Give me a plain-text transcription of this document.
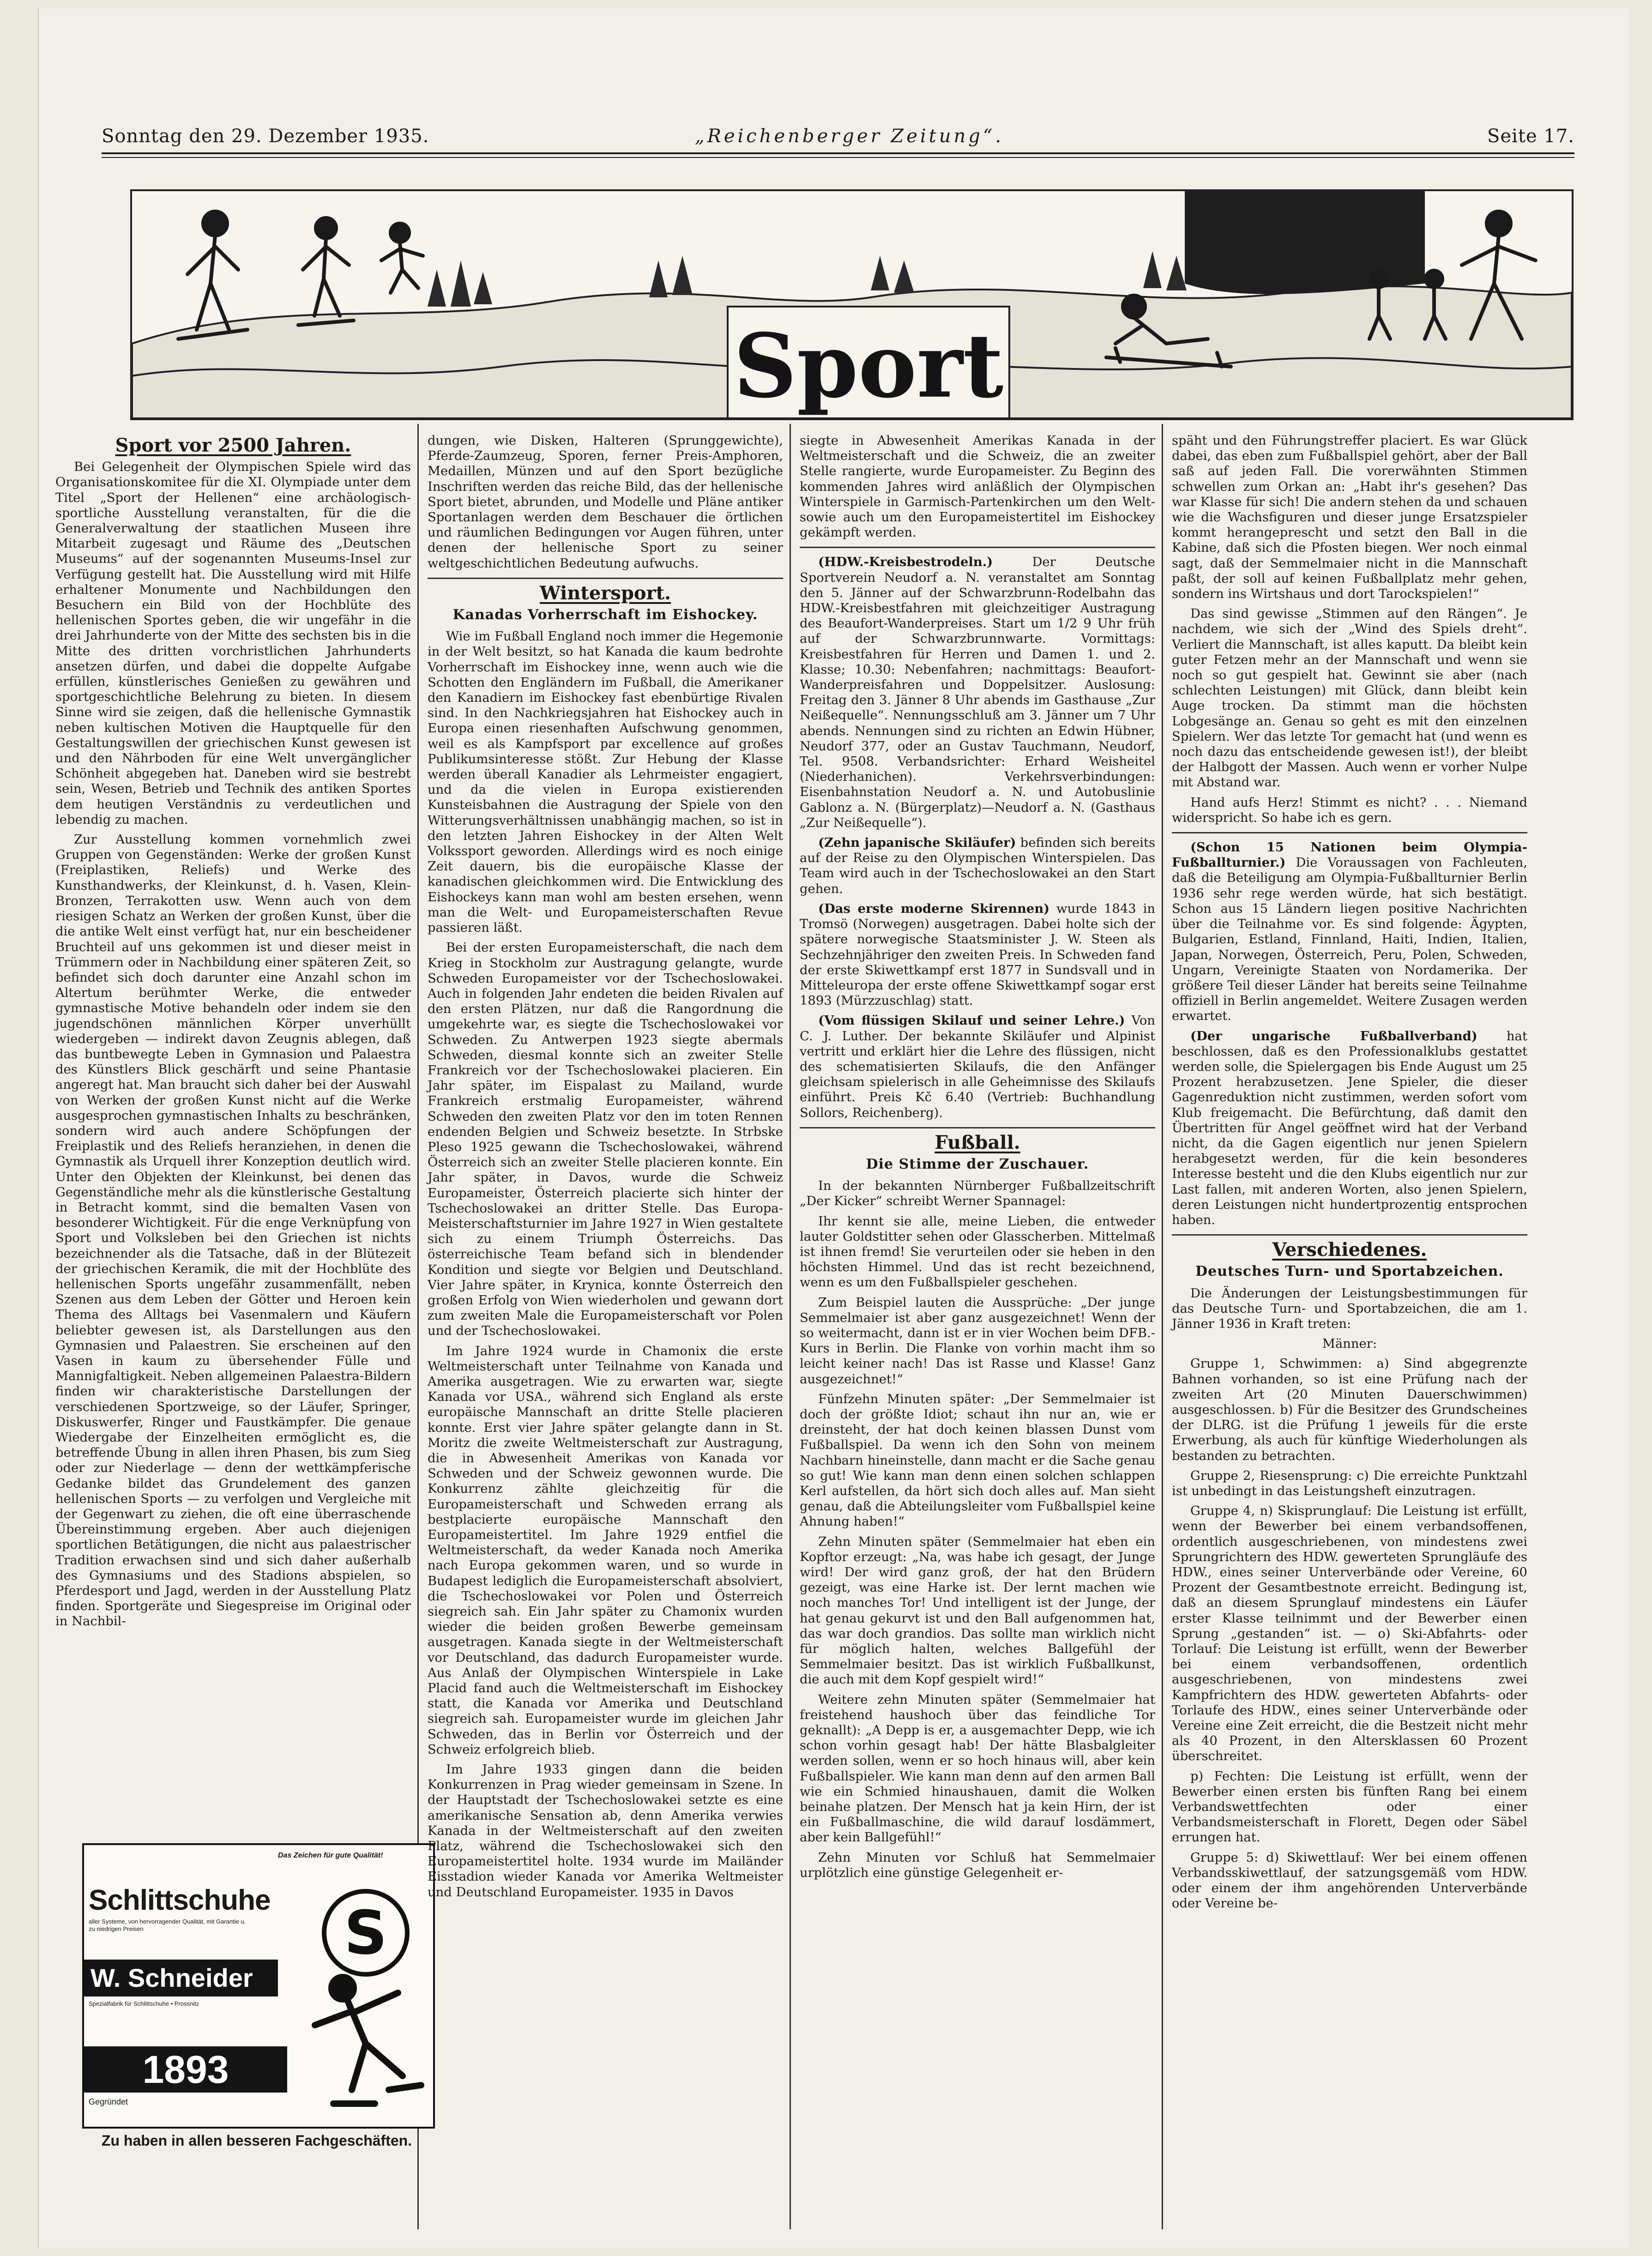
Sonntag den 29. Dezember 1935.	„Reichenberger Zeitung“.	Seite 17.
Sport
Sport vor 2500 Jahren.

Bei Gelegenheit der Olympischen Spiele wird das Organisationskomitee für die XI. Olympiade unter dem Titel „Sport der Hellenen“ eine archäologisch-sportliche Ausstellung veranstalten, für die die Generalverwaltung der staatlichen Museen ihre Mitarbeit zugesagt und Räume des „Deutschen Museums“ auf der sogenannten Museums-Insel zur Verfügung gestellt hat. Die Ausstellung wird mit Hilfe erhaltener Monumente und Nachbildungen den Besuchern ein Bild von der Hochblüte des hellenischen Sportes geben, die wir ungefähr in die drei Jahrhunderte von der Mitte des sechsten bis in die Mitte des dritten vorchristlichen Jahrhunderts ansetzen dürfen, und dabei die doppelte Aufgabe erfüllen, künstlerisches Genießen zu gewähren und sportgeschichtliche Belehrung zu bieten. In diesem Sinne wird sie zeigen, daß die hellenische Gymnastik neben kultischen Motiven die Hauptquelle für den Gestaltungswillen der griechischen Kunst gewesen ist und den Nährboden für eine Welt unvergänglicher Schönheit abgegeben hat. Daneben wird sie bestrebt sein, Wesen, Betrieb und Technik des antiken Sportes dem heutigen Verständnis zu verdeutlichen und lebendig zu machen.

Zur Ausstellung kommen vornehmlich zwei Gruppen von Gegenständen: Werke der großen Kunst (Freiplastiken, Reliefs) und Werke des Kunsthandwerks, der Kleinkunst, d. h. Vasen, Klein-Bronzen, Terrakotten usw. Wenn auch von dem riesigen Schatz an Werken der großen Kunst, über die die antike Welt einst verfügt hat, nur ein bescheidener Bruchteil auf uns gekommen ist und dieser meist in Trümmern oder in Nachbildung einer späteren Zeit, so befindet sich doch darunter eine Anzahl schon im Altertum berühmter Werke, die entweder gymnastische Motive behandeln oder indem sie den jugendschönen männlichen Körper unverhüllt wiedergeben — indirekt davon Zeugnis ablegen, daß das buntbewegte Leben in Gymnasion und Palaestra des Künstlers Blick geschärft und seine Phantasie angeregt hat. Man braucht sich daher bei der Auswahl von Werken der großen Kunst nicht auf die Werke ausgesprochen gymnastischen Inhalts zu beschränken, sondern wird auch andere Schöpfungen der Freiplastik und des Reliefs heranziehen, in denen die Gymnastik als Urquell ihrer Konzeption deutlich wird. Unter den Objekten der Kleinkunst, bei denen das Gegenständliche mehr als die künstlerische Gestaltung in Betracht kommt, sind die bemalten Vasen von besonderer Wichtigkeit. Für die enge Verknüpfung von Sport und Volksleben bei den Griechen ist nichts bezeichnender als die Tatsache, daß in der Blütezeit der griechischen Keramik, die mit der Hochblüte des hellenischen Sports ungefähr zusammenfällt, neben Szenen aus dem Leben der Götter und Heroen kein Thema des Alltags bei Vasenmalern und Käufern beliebter gewesen ist, als Darstellungen aus den Gymnasien und Palaestren. Sie erscheinen auf den Vasen in kaum zu übersehender Fülle und Mannigfaltigkeit. Neben allgemeinen Palaestra-Bildern finden wir charakteristische Darstellungen der verschiedenen Sportzweige, so der Läufer, Springer, Diskuswerfer, Ringer und Faustkämpfer. Die genaue Wiedergabe der Einzelheiten ermöglicht es, die betreffende Übung in allen ihren Phasen, bis zum Sieg oder zur Niederlage — denn der wettkämpferische Gedanke bildet das Grundelement des ganzen hellenischen Sports — zu verfolgen und Vergleiche mit der Gegenwart zu ziehen, die oft eine überraschende Übereinstimmung ergeben. Aber auch diejenigen sportlichen Betätigungen, die nicht aus palaestrischer Tradition erwachsen sind und sich daher außerhalb des Gymnasiums und des Stadions abspielen, so Pferdesport und Jagd, werden in der Ausstellung Platz finden. Sportgeräte und Siegespreise im Original oder in Nachbil-

Das Zeichen für gute Qualität!
Schlittschuhe
aller Systeme, von hervorragender Qualität, mit Garantie u. zu niedrigen Preisen
W. Schneider
Spezialfabrik für Schlittschuhe • Prossnitz
1893
Gegründet
S
Zu haben in allen besseren Fachgeschäften.

dungen, wie Disken, Halteren (Sprunggewichte), Pferde-Zaumzeug, Sporen, ferner Preis-Amphoren, Medaillen, Münzen und auf den Sport bezügliche Inschriften werden das reiche Bild, das der hellenische Sport bietet, abrunden, und Modelle und Pläne antiker Sportanlagen werden dem Beschauer die örtlichen und räumlichen Bedingungen vor Augen führen, unter denen der hellenische Sport zu seiner weltgeschichtlichen Bedeutung aufwuchs.

Wintersport.
Kanadas Vorherrschaft im Eishockey.

Wie im Fußball England noch immer die Hegemonie in der Welt besitzt, so hat Kanada die kaum bedrohte Vorherrschaft im Eishockey inne, wenn auch wie die Schotten den Engländern im Fußball, die Amerikaner den Kanadiern im Eishockey fast ebenbürtige Rivalen sind. In den Nachkriegsjahren hat Eishockey auch in Europa einen riesenhaften Aufschwung genommen, weil es als Kampfsport par excellence auf großes Publikumsinteresse stößt. Zur Hebung der Klasse werden überall Kanadier als Lehrmeister engagiert, und da die vielen in Europa existierenden Kunsteisbahnen die Austragung der Spiele von den Witterungsverhältnissen unabhängig machen, so ist in den letzten Jahren Eishockey in der Alten Welt Volkssport geworden. Allerdings wird es noch einige Zeit dauern, bis die europäische Klasse der kanadischen gleichkommen wird. Die Entwicklung des Eishockeys kann man wohl am besten ersehen, wenn man die Welt- und Europameisterschaften Revue passieren läßt.

Bei der ersten Europameisterschaft, die nach dem Krieg in Stockholm zur Austragung gelangte, wurde Schweden Europameister vor der Tschechoslowakei. Auch in folgenden Jahr endeten die beiden Rivalen auf den ersten Plätzen, nur daß die Rangordnung die umgekehrte war, es siegte die Tschechoslowakei vor Schweden. Zu Antwerpen 1923 siegte abermals Schweden, diesmal konnte sich an zweiter Stelle Frankreich vor der Tschechoslowakei placieren. Ein Jahr später, im Eispalast zu Mailand, wurde Frankreich erstmalig Europameister, während Schweden den zweiten Platz vor den im toten Rennen endenden Belgien und Schweiz besetzte. In Strbske Pleso 1925 gewann die Tschechoslowakei, während Österreich sich an zweiter Stelle placieren konnte. Ein Jahr später, in Davos, wurde die Schweiz Europameister, Österreich placierte sich hinter der Tschechoslowakei an dritter Stelle. Das Europa-Meisterschaftsturnier im Jahre 1927 in Wien gestaltete sich zu einem Triumph Österreichs. Das österreichische Team befand sich in blendender Kondition und siegte vor Belgien und Deutschland. Vier Jahre später, in Krynica, konnte Österreich den großen Erfolg von Wien wiederholen und gewann dort zum zweiten Male die Europameisterschaft vor Polen und der Tschechoslowakei.

Im Jahre 1924 wurde in Chamonix die erste Weltmeisterschaft unter Teilnahme von Kanada und Amerika ausgetragen. Wie zu erwarten war, siegte Kanada vor USA., während sich England als erste europäische Mannschaft an dritte Stelle placieren konnte. Erst vier Jahre später gelangte dann in St. Moritz die zweite Weltmeisterschaft zur Austragung, die in Abwesenheit Amerikas von Kanada vor Schweden und der Schweiz gewonnen wurde. Die Konkurrenz zählte gleichzeitig für die Europameisterschaft und Schweden errang als bestplacierte europäische Mannschaft den Europameistertitel. Im Jahre 1929 entfiel die Weltmeisterschaft, da weder Kanada noch Amerika nach Europa gekommen waren, und so wurde in Budapest lediglich die Europameisterschaft absolviert, die Tschechoslowakei vor Polen und Österreich siegreich sah. Ein Jahr später zu Chamonix wurden wieder die beiden großen Bewerbe gemeinsam ausgetragen. Kanada siegte in der Weltmeisterschaft vor Deutschland, das dadurch Europameister wurde. Aus Anlaß der Olympischen Winterspiele in Lake Placid fand auch die Weltmeisterschaft im Eishockey statt, die Kanada vor Amerika und Deutschland siegreich sah. Europameister wurde im gleichen Jahr Schweden, das in Berlin vor Österreich und der Schweiz erfolgreich blieb.

Im Jahre 1933 gingen dann die beiden Konkurrenzen in Prag wieder gemeinsam in Szene. In der Hauptstadt der Tschechoslowakei setzte es eine amerikanische Sensation ab, denn Amerika verwies Kanada in der Weltmeisterschaft auf den zweiten Platz, während die Tschechoslowakei sich den Europameistertitel holte. 1934 wurde im Mailänder Eisstadion wieder Kanada vor Amerika Weltmeister und Deutschland Europameister. 1935 in Davos

siegte in Abwesenheit Amerikas Kanada in der Weltmeisterschaft und die Schweiz, die an zweiter Stelle rangierte, wurde Europameister. Zu Beginn des kommenden Jahres wird anläßlich der Olympischen Winterspiele in Garmisch-Partenkirchen um den Welt- sowie auch um den Europameistertitel im Eishockey gekämpft werden.

(HDW.-Kreisbestrodeln.) Der Deutsche Sportverein Neudorf a. N. veranstaltet am Sonntag den 5. Jänner auf der Schwarzbrunn-Rodelbahn das HDW.-Kreisbestfahren mit gleichzeitiger Austragung des Beaufort-Wanderpreises. Start um 1/2 9 Uhr früh auf der Schwarzbrunnwarte. Vormittags: Kreisbestfahren für Herren und Damen 1. und 2. Klasse; 10.30: Nebenfahren; nachmittags: Beaufort-Wanderpreisfahren und Doppelsitzer. Auslosung: Freitag den 3. Jänner 8 Uhr abends im Gasthause „Zur Neißequelle“. Nennungsschluß am 3. Jänner um 7 Uhr abends. Nennungen sind zu richten an Edwin Hübner, Neudorf 377, oder an Gustav Tauchmann, Neudorf, Tel. 9508. Verbandsrichter: Erhard Weisheitel (Niederhanichen). Verkehrsverbindungen: Eisenbahnstation Neudorf a. N. und Autobuslinie Gablonz a. N. (Bürgerplatz)—Neudorf a. N. (Gasthaus „Zur Neißequelle“).

(Zehn japanische Skiläufer) befinden sich bereits auf der Reise zu den Olympischen Winterspielen. Das Team wird auch in der Tschechoslowakei an den Start gehen.

(Das erste moderne Skirennen) wurde 1843 in Tromsö (Norwegen) ausgetragen. Dabei holte sich der spätere norwegische Staatsminister J. W. Steen als Sechzehnjähriger den zweiten Preis. In Schweden fand der erste Skiwettkampf erst 1877 in Sundsvall und in Mitteleuropa der erste offene Skiwettkampf sogar erst 1893 (Mürzzuschlag) statt.

(Vom flüssigen Skilauf und seiner Lehre.) Von C. J. Luther. Der bekannte Skiläufer und Alpinist vertritt und erklärt hier die Lehre des flüssigen, nicht des schematisierten Skilaufs, die den Anfänger gleichsam spielerisch in alle Geheimnisse des Skilaufs einführt. Preis Kč 6.40 (Vertrieb: Buchhandlung Sollors, Reichenberg).

Fußball.
Die Stimme der Zuschauer.

In der bekannten Nürnberger Fußballzeitschrift „Der Kicker“ schreibt Werner Spannagel:

Ihr kennt sie alle, meine Lieben, die entweder lauter Goldstitter sehen oder Glasscherben. Mittelmaß ist ihnen fremd! Sie verurteilen oder sie heben in den höchsten Himmel. Und das ist recht bezeichnend, wenn es um den Fußballspieler geschehen.

Zum Beispiel lauten die Aussprüche: „Der junge Semmelmaier ist aber ganz ausgezeichnet! Wenn der so weitermacht, dann ist er in vier Wochen beim DFB.-Kurs in Berlin. Die Flanke von vorhin macht ihm so leicht keiner nach! Das ist Rasse und Klasse! Ganz ausgezeichnet!“

Fünfzehn Minuten später: „Der Semmelmaier ist doch der größte Idiot; schaut ihn nur an, wie er dreinsteht, der hat doch keinen blassen Dunst vom Fußballspiel. Da wenn ich den Sohn von meinem Nachbarn hineinstelle, dann macht er die Sache genau so gut! Wie kann man denn einen solchen schlappen Kerl aufstellen, da hört sich doch alles auf. Man sieht genau, daß die Abteilungsleiter vom Fußballspiel keine Ahnung haben!“

Zehn Minuten später (Semmelmaier hat eben ein Kopftor erzeugt: „Na, was habe ich gesagt, der Junge wird! Der wird ganz groß, der hat den Brüdern gezeigt, was eine Harke ist. Der lernt machen wie noch manches Tor! Und intelligent ist der Junge, der hat genau gekurvt ist und den Ball aufgenommen hat, das war doch grandios. Das sollte man wirklich nicht für möglich halten, welches Ballgefühl der Semmelmaier besitzt. Das ist wirklich Fußballkunst, die auch mit dem Kopf gespielt wird!“

Weitere zehn Minuten später (Semmelmaier hat freistehend haushoch über das feindliche Tor geknallt): „A Depp is er, a ausgemachter Depp, wie ich schon vorhin gesagt hab! Der hätte Blasbalgleiter werden sollen, wenn er so hoch hinaus will, aber kein Fußballspieler. Wie kann man denn auf den armen Ball wie ein Schmied hinaushauen, damit die Wolken beinahe platzen. Der Mensch hat ja kein Hirn, der ist ein Fußballmaschine, die wild darauf losdämmert, aber kein Ballgefühl!“

Zehn Minuten vor Schluß hat Semmelmaier urplötzlich eine günstige Gelegenheit er-

späht und den Führungstreffer placiert. Es war Glück dabei, das eben zum Fußballspiel gehört, aber der Ball saß auf jeden Fall. Die vorerwähnten Stimmen schwellen zum Orkan an: „Habt ihr's gesehen? Das war Klasse für sich! Die andern stehen da und schauen wie die Wachsfiguren und dieser junge Ersatzspieler kommt herangeprescht und setzt den Ball in die Kabine, daß sich die Pfosten biegen. Wer noch einmal sagt, daß der Semmelmaier nicht in die Mannschaft paßt, der soll auf keinen Fußballplatz mehr gehen, sondern ins Wirtshaus und dort Tarockspielen!“

Das sind gewisse „Stimmen auf den Rängen“. Je nachdem, wie sich der „Wind des Spiels dreht“. Verliert die Mannschaft, ist alles kaputt. Da bleibt kein guter Fetzen mehr an der Mannschaft und wenn sie noch so gut gespielt hat. Gewinnt sie aber (nach schlechten Leistungen) mit Glück, dann bleibt kein Auge trocken. Da stimmt man die höchsten Lobgesänge an. Genau so geht es mit den einzelnen Spielern. Wer das letzte Tor gemacht hat (und wenn es noch dazu das entscheidende gewesen ist!), der bleibt der Halbgott der Massen. Auch wenn er vorher Nulpe mit Abstand war.

Hand aufs Herz! Stimmt es nicht? . . . Niemand widerspricht. So habe ich es gern.

(Schon 15 Nationen beim Olympia-Fußballturnier.) Die Voraussagen von Fachleuten, daß die Beteiligung am Olympia-Fußballturnier Berlin 1936 sehr rege werden würde, hat sich bestätigt. Schon aus 15 Ländern liegen positive Nachrichten über die Teilnahme vor. Es sind folgende: Ägypten, Bulgarien, Estland, Finnland, Haiti, Indien, Italien, Japan, Norwegen, Österreich, Peru, Polen, Schweden, Ungarn, Vereinigte Staaten von Nordamerika. Der größere Teil dieser Länder hat bereits seine Teilnahme offiziell in Berlin angemeldet. Weitere Zusagen werden erwartet.

(Der ungarische Fußballverband) hat beschlossen, daß es den Professionalklubs gestattet werden solle, die Spielergagen bis Ende August um 25 Prozent herabzusetzen. Jene Spieler, die dieser Gagenreduktion nicht zustimmen, werden sofort vom Klub freigemacht. Die Befürchtung, daß damit den Übertritten für Angel geöffnet wird hat der Verband nicht, da die Gagen eigentlich nur jenen Spielern herabgesetzt werden, für die kein besonderes Interesse besteht und die den Klubs eigentlich nur zur Last fallen, mit anderen Worten, also jenen Spielern, deren Leistungen nicht hundertprozentig entsprochen haben.

Verschiedenes.
Deutsches Turn- und Sportabzeichen.

Die Änderungen der Leistungsbestimmungen für das Deutsche Turn- und Sportabzeichen, die am 1. Jänner 1936 in Kraft treten:

Männer:

Gruppe 1, Schwimmen: a) Sind abgegrenzte Bahnen vorhanden, so ist eine Prüfung nach der zweiten Art (20 Minuten Dauerschwimmen) ausgeschlossen. b) Für die Besitzer des Grundscheines der DLRG. ist die Prüfung 1 jeweils für die erste Erwerbung, als auch für künftige Wiederholungen als bestanden zu betrachten.

Gruppe 2, Riesensprung: c) Die erreichte Punktzahl ist unbedingt in das Leistungsheft einzutragen.

Gruppe 4, n) Skisprunglauf: Die Leistung ist erfüllt, wenn der Bewerber bei einem verbandsoffenen, ordentlich ausgeschriebenen, von mindestens zwei Sprungrichtern des HDW. gewerteten Sprungläufe des HDW., eines seiner Unterverbände oder Vereine, 60 Prozent der Gesamtbestnote erreicht. Bedingung ist, daß an diesem Sprunglauf mindestens ein Läufer erster Klasse teilnimmt und der Bewerber einen Sprung „gestanden“ ist. — o) Ski-Abfahrts- oder Torlauf: Die Leistung ist erfüllt, wenn der Bewerber bei einem verbandsoffenen, ordentlich ausgeschriebenen, von mindestens zwei Kampfrichtern des HDW. gewerteten Abfahrts- oder Torlaufe des HDW., eines seiner Unterverbände oder Vereine eine Zeit erreicht, die die Bestzeit nicht mehr als 40 Prozent, in den Altersklassen 60 Prozent überschreitet.

p) Fechten: Die Leistung ist erfüllt, wenn der Bewerber einen ersten bis fünften Rang bei einem Verbandswettfechten oder einer Verbandsmeisterschaft in Florett, Degen oder Säbel errungen hat.

Gruppe 5: d) Skiwettlauf: Wer bei einem offenen Verbandsskiwettlauf, der satzungsgemäß vom HDW. oder einem der ihm angehörenden Unterverbände oder Vereine be-
